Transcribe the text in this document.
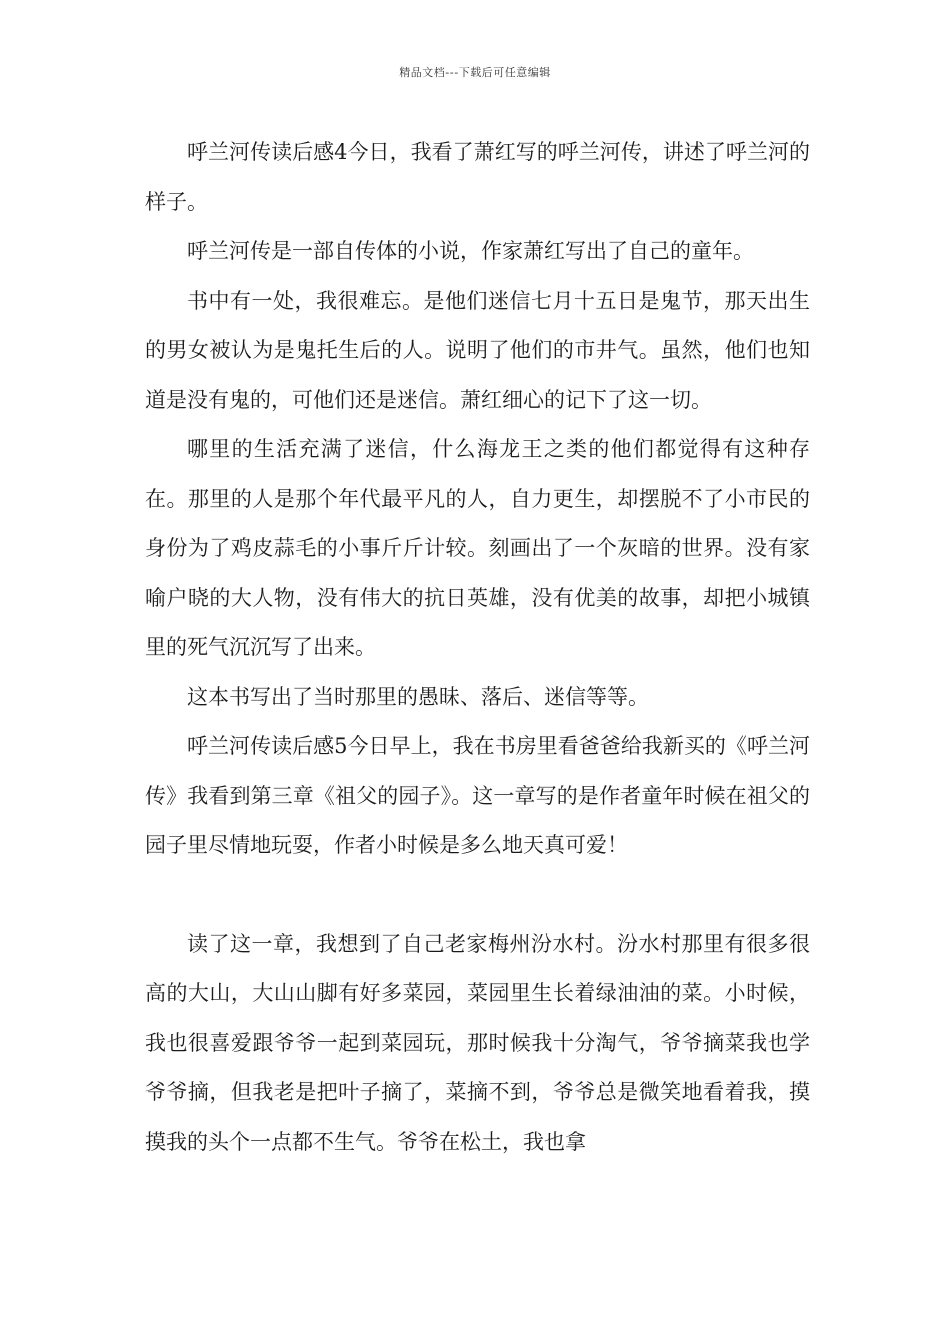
精品文档---下载后可任意编辑

呼兰河传读后感4今日，我看了萧红写的呼兰河传，讲述了呼兰河的样子。

呼兰河传是一部自传体的小说，作家萧红写出了自己的童年。

书中有一处，我很难忘。是他们迷信七月十五日是鬼节，那天出生的男女被认为是鬼托生后的人。说明了他们的市井气。虽然，他们也知道是没有鬼的，可他们还是迷信。萧红细心的记下了这一切。

哪里的生活充满了迷信，什么海龙王之类的他们都觉得有这种存在。那里的人是那个年代最平凡的人，自力更生，却摆脱不了小市民的身份为了鸡皮蒜毛的小事斤斤计较。刻画出了一个灰暗的世界。没有家喻户晓的大人物，没有伟大的抗日英雄，没有优美的故事，却把小城镇里的死气沉沉写了出来。

这本书写出了当时那里的愚昧、落后、迷信等等。

呼兰河传读后感5今日早上，我在书房里看爸爸给我新买的《呼兰河传》我看到第三章《祖父的园子》。这一章写的是作者童年时候在祖父的园子里尽情地玩耍，作者小时候是多么地天真可爱！

读了这一章，我想到了自己老家梅州汾水村。汾水村那里有很多很高的大山，大山山脚有好多菜园，菜园里生长着绿油油的菜。小时候，我也很喜爱跟爷爷一起到菜园玩，那时候我十分淘气，爷爷摘菜我也学爷爷摘，但我老是把叶子摘了，菜摘不到，爷爷总是微笑地看着我，摸摸我的头个一点都不生气。爷爷在松土，我也拿
